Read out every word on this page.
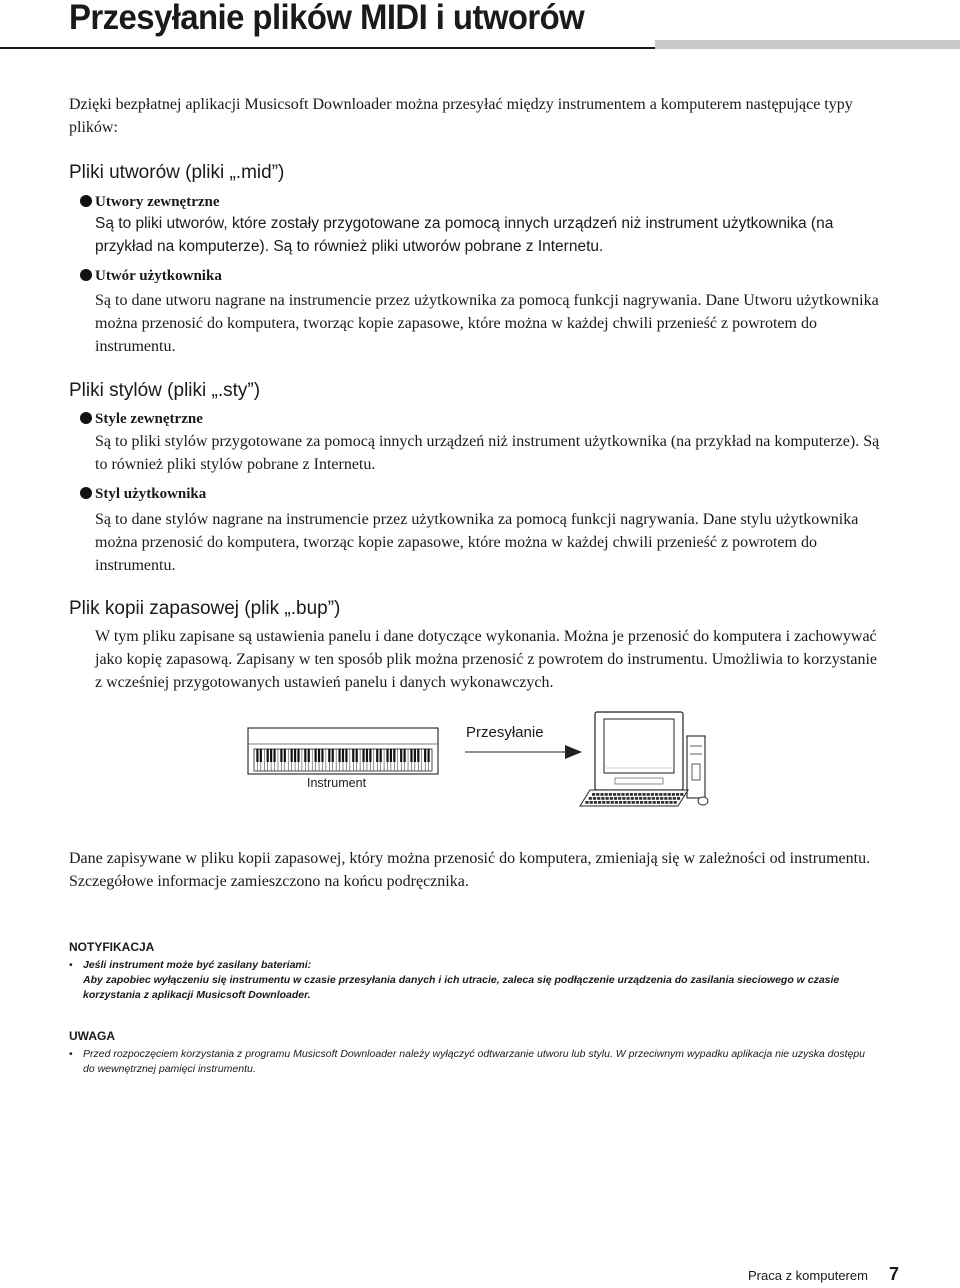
Przesyłanie plików MIDI i utworów

Dzięki bezpłatnej aplikacji Musicsoft Downloader można przesyłać między instrumentem a komputerem następujące typy plików:

Pliki utworów (pliki „.mid”)

Utwory zewnętrzne

Są to pliki utworów, które zostały przygotowane za pomocą innych urządzeń niż instrument użytkownika (na przykład na komputerze). Są to również pliki utworów pobrane z Internetu.

Utwór użytkownika

Są to dane utworu nagrane na instrumencie przez użytkownika za pomocą funkcji nagrywania. Dane Utworu użytkownika można przenosić do komputera, tworząc kopie zapasowe, które można w każdej chwili przenieść z powrotem do instrumentu.

Pliki stylów (pliki „.sty”)

Style zewnętrzne

Są to pliki stylów przygotowane za pomocą innych urządzeń niż instrument użytkownika (na przykład na komputerze). Są to również pliki stylów pobrane z Internetu.

Styl użytkownika

Są to dane stylów nagrane na instrumencie przez użytkownika za pomocą funkcji nagrywania. Dane stylu użytkownika można przenosić do komputera, tworząc kopie zapasowe, które można w każdej chwili przenieść z powrotem do instrumentu.

Plik kopii zapasowej (plik „.bup”)

W tym pliku zapisane są ustawienia panelu i dane dotyczące wykonania. Można je przenosić do komputera i zachowywać jako kopię zapasową. Zapisany w ten sposób plik można przenosić z powrotem do instrumentu. Umożliwia to korzystanie z wcześniej przygotowanych ustawień panelu i danych wykonawczych.

Przesyłanie
Instrument

Dane zapisywane w pliku kopii zapasowej, który można przenosić do komputera, zmieniają się w zależności od instrumentu. Szczegółowe informacje zamieszczono na końcu podręcznika.

NOTYFIKACJA

• Jeśli instrument może być zasilany bateriami:
Aby zapobiec wyłączeniu się instrumentu w czasie przesyłania danych i ich utracie, zaleca się podłączenie urządzenia do zasilania sieciowego w czasie korzystania z aplikacji Musicsoft Downloader.

UWAGA

• Przed rozpoczęciem korzystania z programu Musicsoft Downloader należy wyłączyć odtwarzanie utworu lub stylu. W przeciwnym wypadku aplikacja nie uzyska dostępu do wewnętrznej pamięci instrumentu.
Praca z komputerem 7
